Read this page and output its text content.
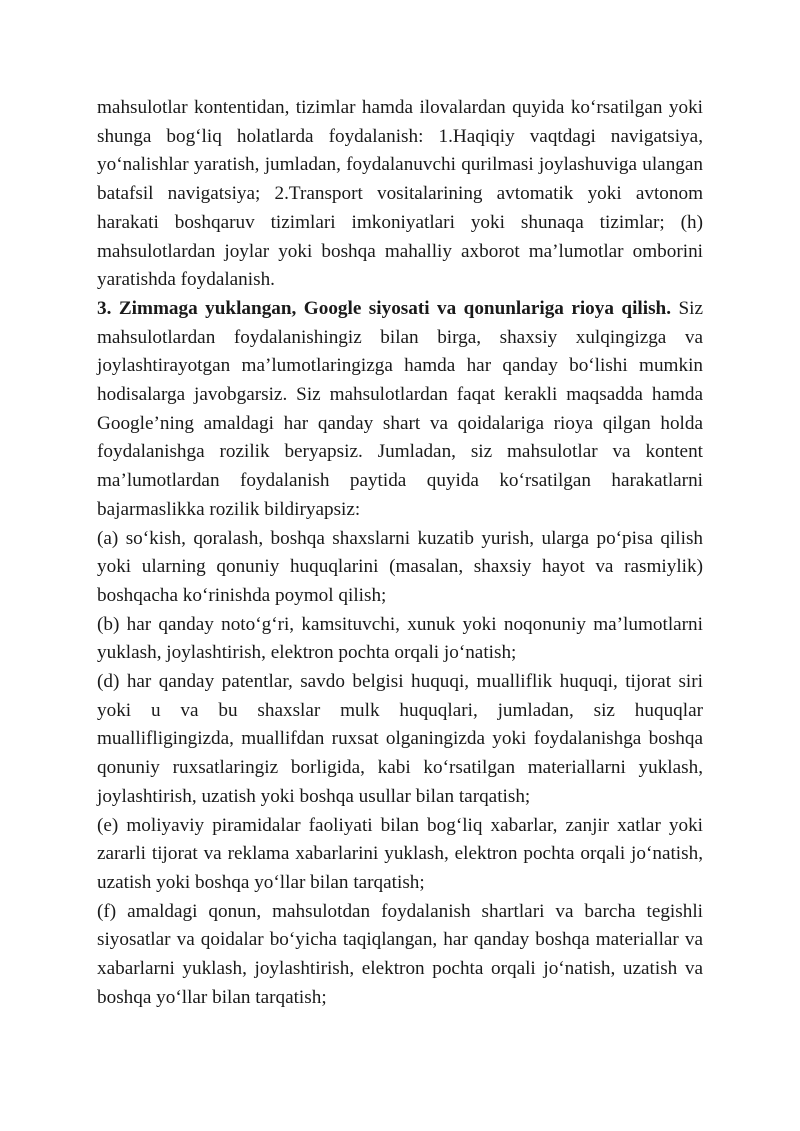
mahsulotlar kontentidan, tizimlar hamda ilovalardan quyida ko‘rsatilgan yoki shunga bog‘liq holatlarda foydalanish: 1.Haqiqiy vaqtdagi navigatsiya, yo‘nalishlar yaratish, jumladan, foydalanuvchi qurilmasi joylashuviga ulangan batafsil navigatsiya; 2.Transport vositalarining avtomatik yoki avtonom harakati boshqaruv tizimlari imkoniyatlari yoki shunaqa tizimlar; (h) mahsulotlardan joylar yoki boshqa mahalliy axborot ma’lumotlar omborini yaratishda foydalanish.

3. Zimmaga yuklangan, Google siyosati va qonunlariga rioya qilish. Siz mahsulotlardan foydalanishingiz bilan birga, shaxsiy xulqingizga va joylashtirayotgan ma’lumotlaringizga hamda har qanday bo‘lishi mumkin hodisalarga javobgarsiz. Siz mahsulotlardan faqat kerakli maqsadda hamda Google’ning amaldagi har qanday shart va qoidalariga rioya qilgan holda foydalanishga rozilik beryapsiz. Jumladan, siz mahsulotlar va kontent ma’lumotlardan foydalanish paytida quyida ko‘rsatilgan harakatlarni bajarmaslikka rozilik bildiryapsiz:

(a) so‘kish, qoralash, boshqa shaxslarni kuzatib yurish, ularga po‘pisa qilish yoki ularning qonuniy huquqlarini (masalan, shaxsiy hayot va rasmiylik) boshqacha ko‘rinishda poymol qilish;

(b) har qanday noto‘g‘ri, kamsituvchi, xunuk yoki noqonuniy ma’lumotlarni yuklash, joylashtirish, elektron pochta orqali jo‘natish;

(d) har qanday patentlar, savdo belgisi huquqi, mualliflik huquqi, tijorat siri yoki u va bu shaxslar mulk huquqlari, jumladan, siz huquqlar muallifligingizda, muallifdan ruxsat olganingizda yoki foydalanishga boshqa qonuniy ruxsatlaringiz borligida, kabi ko‘rsatilgan materiallarni yuklash, joylashtirish, uzatish yoki boshqa usullar bilan tarqatish;

(e) moliyaviy piramidalar faoliyati bilan bog‘liq xabarlar, zanjir xatlar yoki zararli tijorat va reklama xabarlarini yuklash, elektron pochta orqali jo‘natish, uzatish yoki boshqa yo‘llar bilan tarqatish;

(f) amaldagi qonun, mahsulotdan foydalanish shartlari va barcha tegishli siyosatlar va qoidalar bo‘yicha taqiqlangan, har qanday boshqa materiallar va xabarlarni yuklash, joylashtirish, elektron pochta orqali jo‘natish, uzatish va boshqa yo‘llar bilan tarqatish;
